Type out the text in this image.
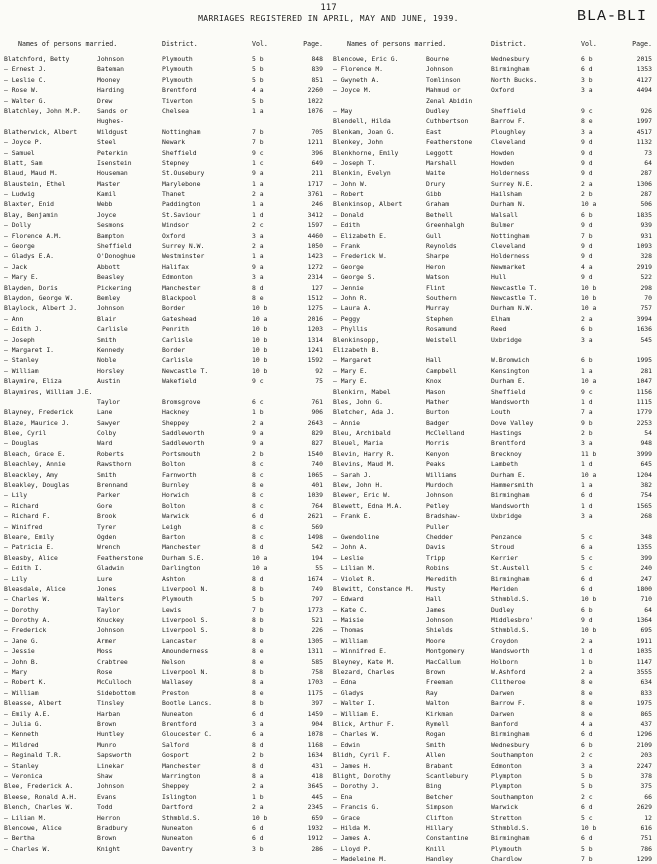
117
MARRIAGES REGISTERED IN APRIL, MAY AND JUNE, 1939.	BLA-BLI
Names of persons married.	District.	Vol.	Page.
Blatchford, Betty	Johnson	Plymouth	5 b	848
— Ernest J.	Bateman	Plymouth	5 b	839
— Leslie C.	Mooney	Plymouth	5 b	851
— Rose W.	Harding	Brentford	4 a	2260
— Walter G.	Drew	Tiverton	5 b	1022
Blatchley, John M.P.	Sands or	Chelsea	1 a	1076
Hughes-
Blatherwick, Albert	Wildgust	Nottingham	7 b	705
— Joyce P.	Steel	Newark	7 b	1211
— Samuel	Peterkin	Sheffield	9 c	396
Blatt, Sam	Isenstein	Stepney	1 c	649
Blaud, Maud M.	Houseman	St.Ousebury	9 a	211
Blaustein, Ethel	Master	Marylebone	1 a	1717
— Ludwig	Kamil	Thanet	2 a	3761
Blaxter, Enid	Webb	Paddington	1 a	246
Blay, Benjamin	Joyce	St.Saviour	1 d	3412
— Dolly	Sesmons	Windsor	2 c	1597
— Florence A.M.	Bampton	Oxford	3 a	4460
— George	Sheffield	Surrey N.W.	2 a	1050
— Gladys E.A.	O'Donoghue	Westminster	1 a	1423
— Jack	Abbott	Halifax	9 a	1272
— Mary E.	Beasley	Edmonton	3 a	2314
Blayden, Doris	Pickering	Manchester	8 d	127
Blaydon, George W.	Bemley	Blackpool	8 e	1512
Blaylock, Albert J.	Johnson	Border	10 b	1275
— Ann	Blair	Gateshead	10 a	2016
— Edith J.	Carlisle	Penrith	10 b	1203
— Joseph	Smith	Carlisle	10 b	1314
— Margaret I.	Kennedy	Border	10 b	1241
— Stanley	Noble	Carlisle	10 b	1592
— William	Horsley	Newcastle T.	10 b	92
Blaymire, Eliza	Austin	Wakefield	9 c	75
Blaymires, William J.E.
Taylor	Bromsgrove	6 c	761
Blayney, Frederick	Lane	Hackney	1 b	906
Blaze, Maurice J.	Sawyer	Sheppey	2 a	2643
Blee, Cyril	Colby	Saddleworth	9 a	829
— Douglas	Ward	Saddleworth	9 a	827
Bleach, Grace E.	Roberts	Portsmouth	2 b	1540
Bleachley, Annie	Rawsthorn	Bolton	8 c	740
Bleackley, Amy	Smith	Farnworth	8 c	1065
Bleakley, Douglas	Brennand	Burnley	8 e	401
— Lily	Parker	Horwich	8 c	1039
— Richard	Gore	Bolton	8 c	764
— Richard F.	Brook	Warwick	6 d	2621
— Winifred	Tyrer	Leigh	8 c	569
Bleare, Emily	Ogden	Barton	8 c	1498
— Patricia E.	Wrench	Manchester	8 d	542
Bleasby, Alice	Featherstone	Durham S.E.	10 a	194
— Edith I.	Gladwin	Darlington	10 a	55
— Lily	Lure	Ashton	8 d	1674
Bleasdale, Alice	Jones	Liverpool N.	8 b	749
— Charles W.	Walters	Plymouth	5 b	797
— Dorothy	Taylor	Lewis	7 b	1773
— Dorothy A.	Knuckey	Liverpool S.	8 b	521
— Frederick	Johnson	Liverpool S.	8 b	226
— Jane G.	Armer	Lancaster	8 e	1305
— Jessie	Moss	Amounderness	8 e	1311
— John B.	Crabtree	Nelson	8 e	585
— Mary	Rose	Liverpool N.	8 b	758
— Robert K.	McCulloch	Wallasey	8 a	1703
— William	Sidebottom	Preston	8 e	1175
Bleasse, Albert	Tinsley	Bootle Lancs.	8 b	397
— Emily A.E.	Harban	Nuneaton	6 d	1459
— Julia G.	Brown	Brentford	3 a	904
— Kenneth	Huntley	Gloucester C.	6 a	1078
— Mildred	Munro	Salford	8 d	1168
— Reginald T.R.	Sapsworth	Gosport	2 b	1634
— Stanley	Linekar	Manchester	8 d	431
— Veronica	Shaw	Warrington	8 a	418
Blee, Frederick A.	Johnson	Sheppey	2 a	3645
Bleese, Ronald A.H.	Evans	Islington	1 b	445
Blench, Charles W.	Todd	Dartford	2 a	2345
— Lilian M.	Herron	Sthmbld.S.	10 b	659
Blencowe, Alice	Bradbury	Nuneaton	6 d	1932
— Bertha	Brown	Nuneaton	6 d	1912
— Charles W.	Knight	Daventry	3 b	286
Names of persons married.	District.	Vol.	Page.
Blencowe, Eric G.	Bourne	Wednesbury	6 b	2015
— Florence M.	Johnson	Birmingham	6 d	1353
— Gwyneth A.	Tomlinson	North Bucks.	3 b	4127
— Joyce M.	Mahmud or	Oxford	3 a	4494
Zenal Abidin
— May	Dudley	Sheffield	9 c	926
Blendell, Hilda	Cuthbertson	Barrow F.	8 e	1997
Blenkam, Joan G.	East	Ploughley	3 a	4517
Blenkey, John	Featherstone	Cleveland	9 d	1132
Blenkhorne, Emily	Leggott	Howden	9 d	73
— Joseph T.	Marshall	Howden	9 d	64
Blenkin, Evelyn	Waite	Holderness	9 d	287
— John W.	Drury	Surrey N.E.	2 a	1306
— Robert	Gibb	Hailsham	2 b	287
Blenkinsop, Albert	Graham	Durham N.	10 a	506
— Donald	Bethell	Walsall	6 b	1835
— Edith	Greenhalgh	Bulmer	9 d	939
— Elizabeth E.	Gull	Nottingham	7 b	931
— Frank	Reynolds	Cleveland	9 d	1093
— Frederick W.	Sharpe	Holderness	9 d	328
— George	Heron	Newmarket	4 a	2919
— George S.	Watson	Hull	9 d	522
— Jennie	Flint	Newcastle T.	10 b	298
— John R.	Southern	Newcastle T.	10 b	70
— Laura A.	Murray	Durham N.W.	10 a	757
— Peggy	Stephen	Elham	2 a	3994
— Phyllis	Rosamund	Reed	6 b	1636
Blenkinsopp,	Weistell	Uxbridge	3 a	545
Elizabeth B.
— Margaret	Hall	W.Bromwich	6 b	1995
— Mary E.	Campbell	Kensington	1 a	281
— Mary E.	Knox	Durham E.	10 a	1047
Blenkirn, Mabel	Mason	Sheffield	9 c	1156
Bles, John G.	Mather	Wandsworth	1 d	1115
Bletcher, Ada J.	Burton	Louth	7 a	1779
— Annie	Badger	Dove Valley	9 b	2253
Bleu, Archibald	McClelland	Hastings	2 b	54
Bleuel, Maria	Morris	Brentford	3 a	948
Blevin, Harry R.	Kenyon	Brecknoy	11 b	3999
Blevins, Maud M.	Peaks	Lambeth	1 d	645
— Sarah J.	Williams	Durham E.	10 a	1204
Blew, John H.	Murdoch	Hammersmith	1 a	382
Blewer, Eric W.	Johnson	Birmingham	6 d	754
Blewett, Edna M.A.	Petley	Wandsworth	1 d	1565
— Frank E.	Bradshaw-	Uxbridge	3 a	268
Puller
— Gwendoline	Chedder	Penzance	5 c	348
— John A.	Davis	Stroud	6 a	1355
— Leslie	Tripp	Kerrier	5 c	399
— Lilian M.	Robins	St.Austell	5 c	240
— Violet R.	Meredith	Birmingham	6 d	247
Blewitt, Constance M.	Musty	Meriden	6 d	1800
— Edward	Hall	Sthmbld.S.	10 b	710
— Kate C.	James	Dudley	6 b	64
— Maisie	Johnson	Middlesbro'	9 d	1364
— Thomas	Shields	Sthmbld.S.	10 b	695
— William	Moore	Croydon	2 a	1911
— Winnifred E.	Montgomery	Wandsworth	1 d	1035
Bleyney, Kate M.	MacCallum	Holborn	1 b	1147
Blezard, Charles	Brown	W.Ashford	2 a	3555
— Edna	Freeman	Clitheroe	8 e	634
— Gladys	Ray	Darwen	8 e	833
— Walter I.	Walton	Barrow F.	8 e	1975
— William E.	Kirkman	Darwen	8 e	865
Blick, Arthur F.	Rymell	Banford	4 a	437
— Charles W.	Rogan	Birmingham	6 d	1296
— Edwin	Smith	Wednesbury	6 b	2109
Blidh, Cyril F.	Allen	Southampton	2 c	203
— James H.	Brabant	Edmonton	3 a	2247
Blight, Dorothy	Scantlebury	Plympton	5 b	378
— Dorothy J.	Bing	Plympton	5 b	375
— Ena	Betcher	Southampton	2 c	66
— Francis G.	Simpson	Warwick	6 d	2629
— Grace	Clifton	Stretton	5 c	12
— Hilda M.	Hillary	Sthmbld.S.	10 b	616
— James A.	Constantine	Birmingham	6 d	751
— Lloyd P.	Knill	Plymouth	5 b	786
— Madeleine M.	Handley	Chardlow	7 b	1299
